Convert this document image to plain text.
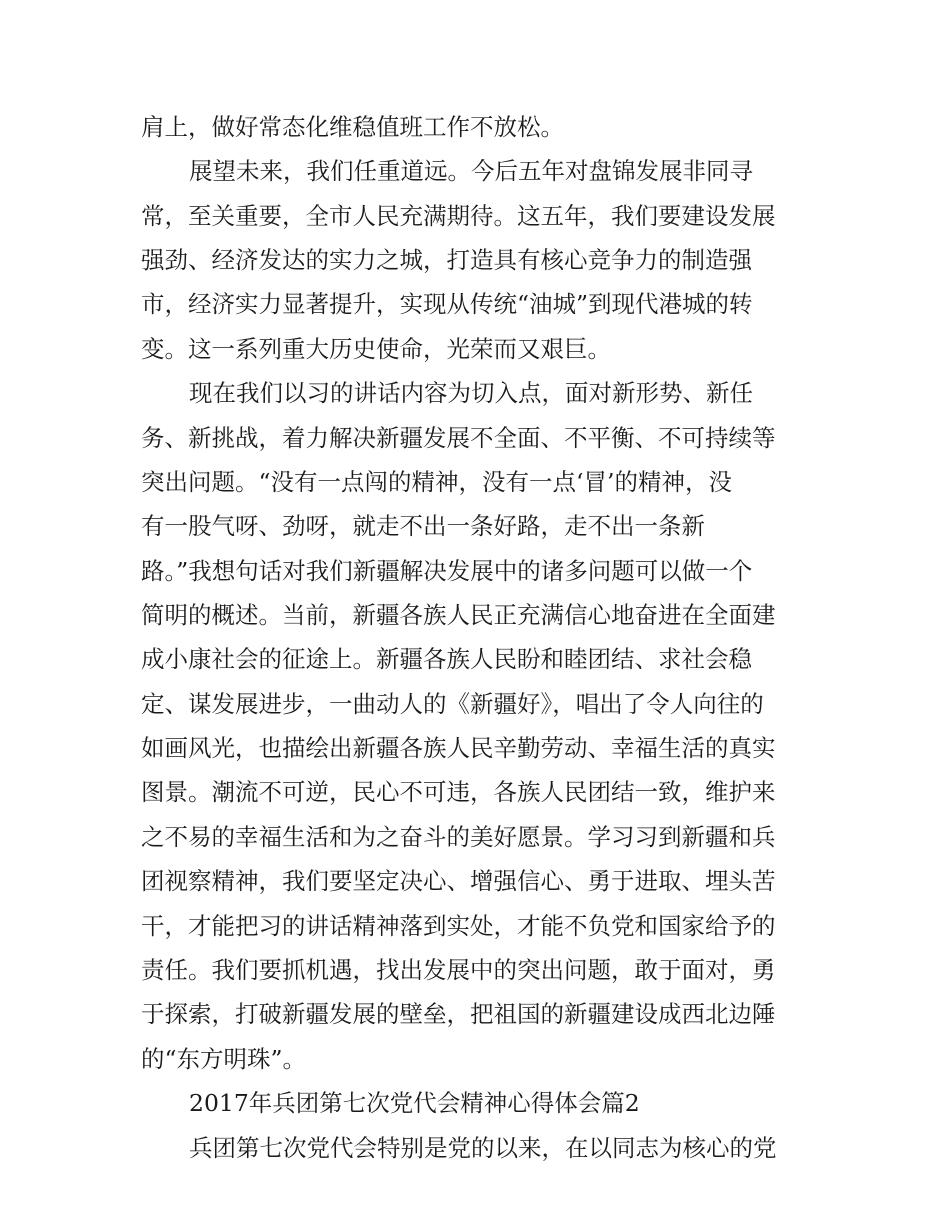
肩上，做好常态化维稳值班工作不放松。
展望未来，我们任重道远。今后五年对盘锦发展非同寻
常，至关重要，全市人民充满期待。这五年，我们要建设发展
强劲、经济发达的实力之城，打造具有核心竞争力的制造强
市，经济实力显著提升，实现从传统“油城”到现代港城的转
变。这一系列重大历史使命，光荣而又艰巨。
现在我们以习的讲话内容为切入点，面对新形势、新任
务、新挑战，着力解决新疆发展不全面、不平衡、不可持续等
突出问题。“没有一点闯的精神，没有一点‘冒’的精神，没
有一股气呀、劲呀，就走不出一条好路，走不出一条新
路。”我想句话对我们新疆解决发展中的诸多问题可以做一个
简明的概述。当前，新疆各族人民正充满信心地奋进在全面建
成小康社会的征途上。新疆各族人民盼和睦团结、求社会稳
定、谋发展进步，一曲动人的《新疆好》，唱出了令人向往的
如画风光，也描绘出新疆各族人民辛勤劳动、幸福生活的真实
图景。潮流不可逆，民心不可违，各族人民团结一致，维护来
之不易的幸福生活和为之奋斗的美好愿景。学习习到新疆和兵
团视察精神，我们要坚定决心、增强信心、勇于进取、埋头苦
干，才能把习的讲话精神落到实处，才能不负党和国家给予的
责任。我们要抓机遇，找出发展中的突出问题，敢于面对，勇
于探索，打破新疆发展的壁垒，把祖国的新疆建设成西北边陲
的“东方明珠”。
2017年兵团第七次党代会精神心得体会篇2
兵团第七次党代会特别是党的以来，在以同志为核心的党
